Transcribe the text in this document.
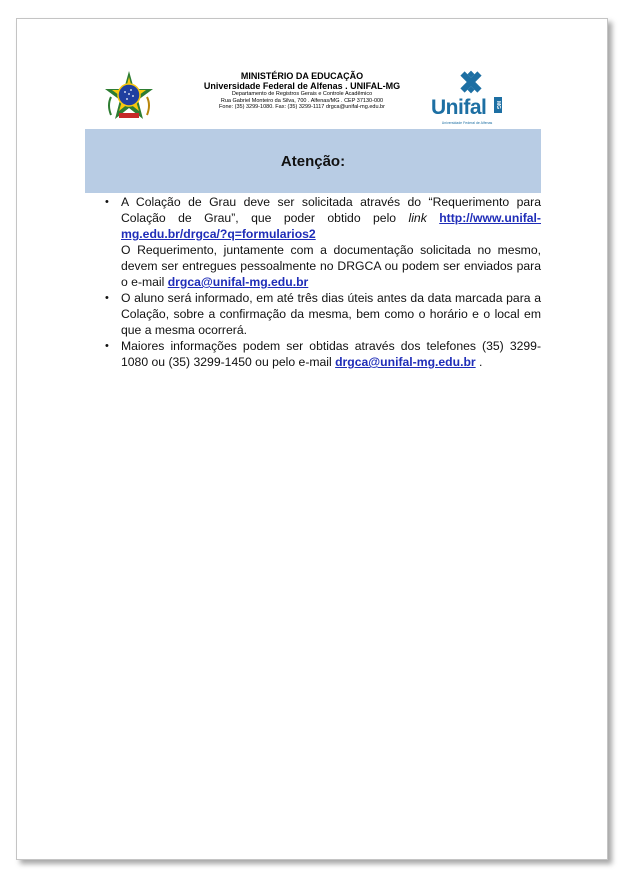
MINISTÉRIO DA EDUCAÇÃO
Universidade Federal de Alfenas . UNIFAL-MG
Departamento de Registros Gerais e Controle Acadêmico
Rua Gabriel Monteiro da Silva, 700 . Alfenas/MG . CEP 37130-000
Fone: (35) 3299-1080. Fax: (35) 3299-1117 drgca@unifal-mg.edu.br	Unifal MG
Universidade Federal de Alfenas
Atenção:
• A Colação de Grau deve ser solicitada através do “Requerimento para Colação de Grau”, que poder obtido pelo link http://www.unifal-mg.edu.br/drgca/?q=formularios2
O Requerimento, juntamente com a documentação solicitada no mesmo, devem ser entregues pessoalmente no DRGCA ou podem ser enviados para o e-mail drgca@unifal-mg.edu.br
• O aluno será informado, em até três dias úteis antes da data marcada para a Colação, sobre a confirmação da mesma, bem como o horário e o local em que a mesma ocorrerá.
• Maiores informações podem ser obtidas através dos telefones (35) 3299-1080 ou (35) 3299-1450 ou pelo e-mail drgca@unifal-mg.edu.br .
